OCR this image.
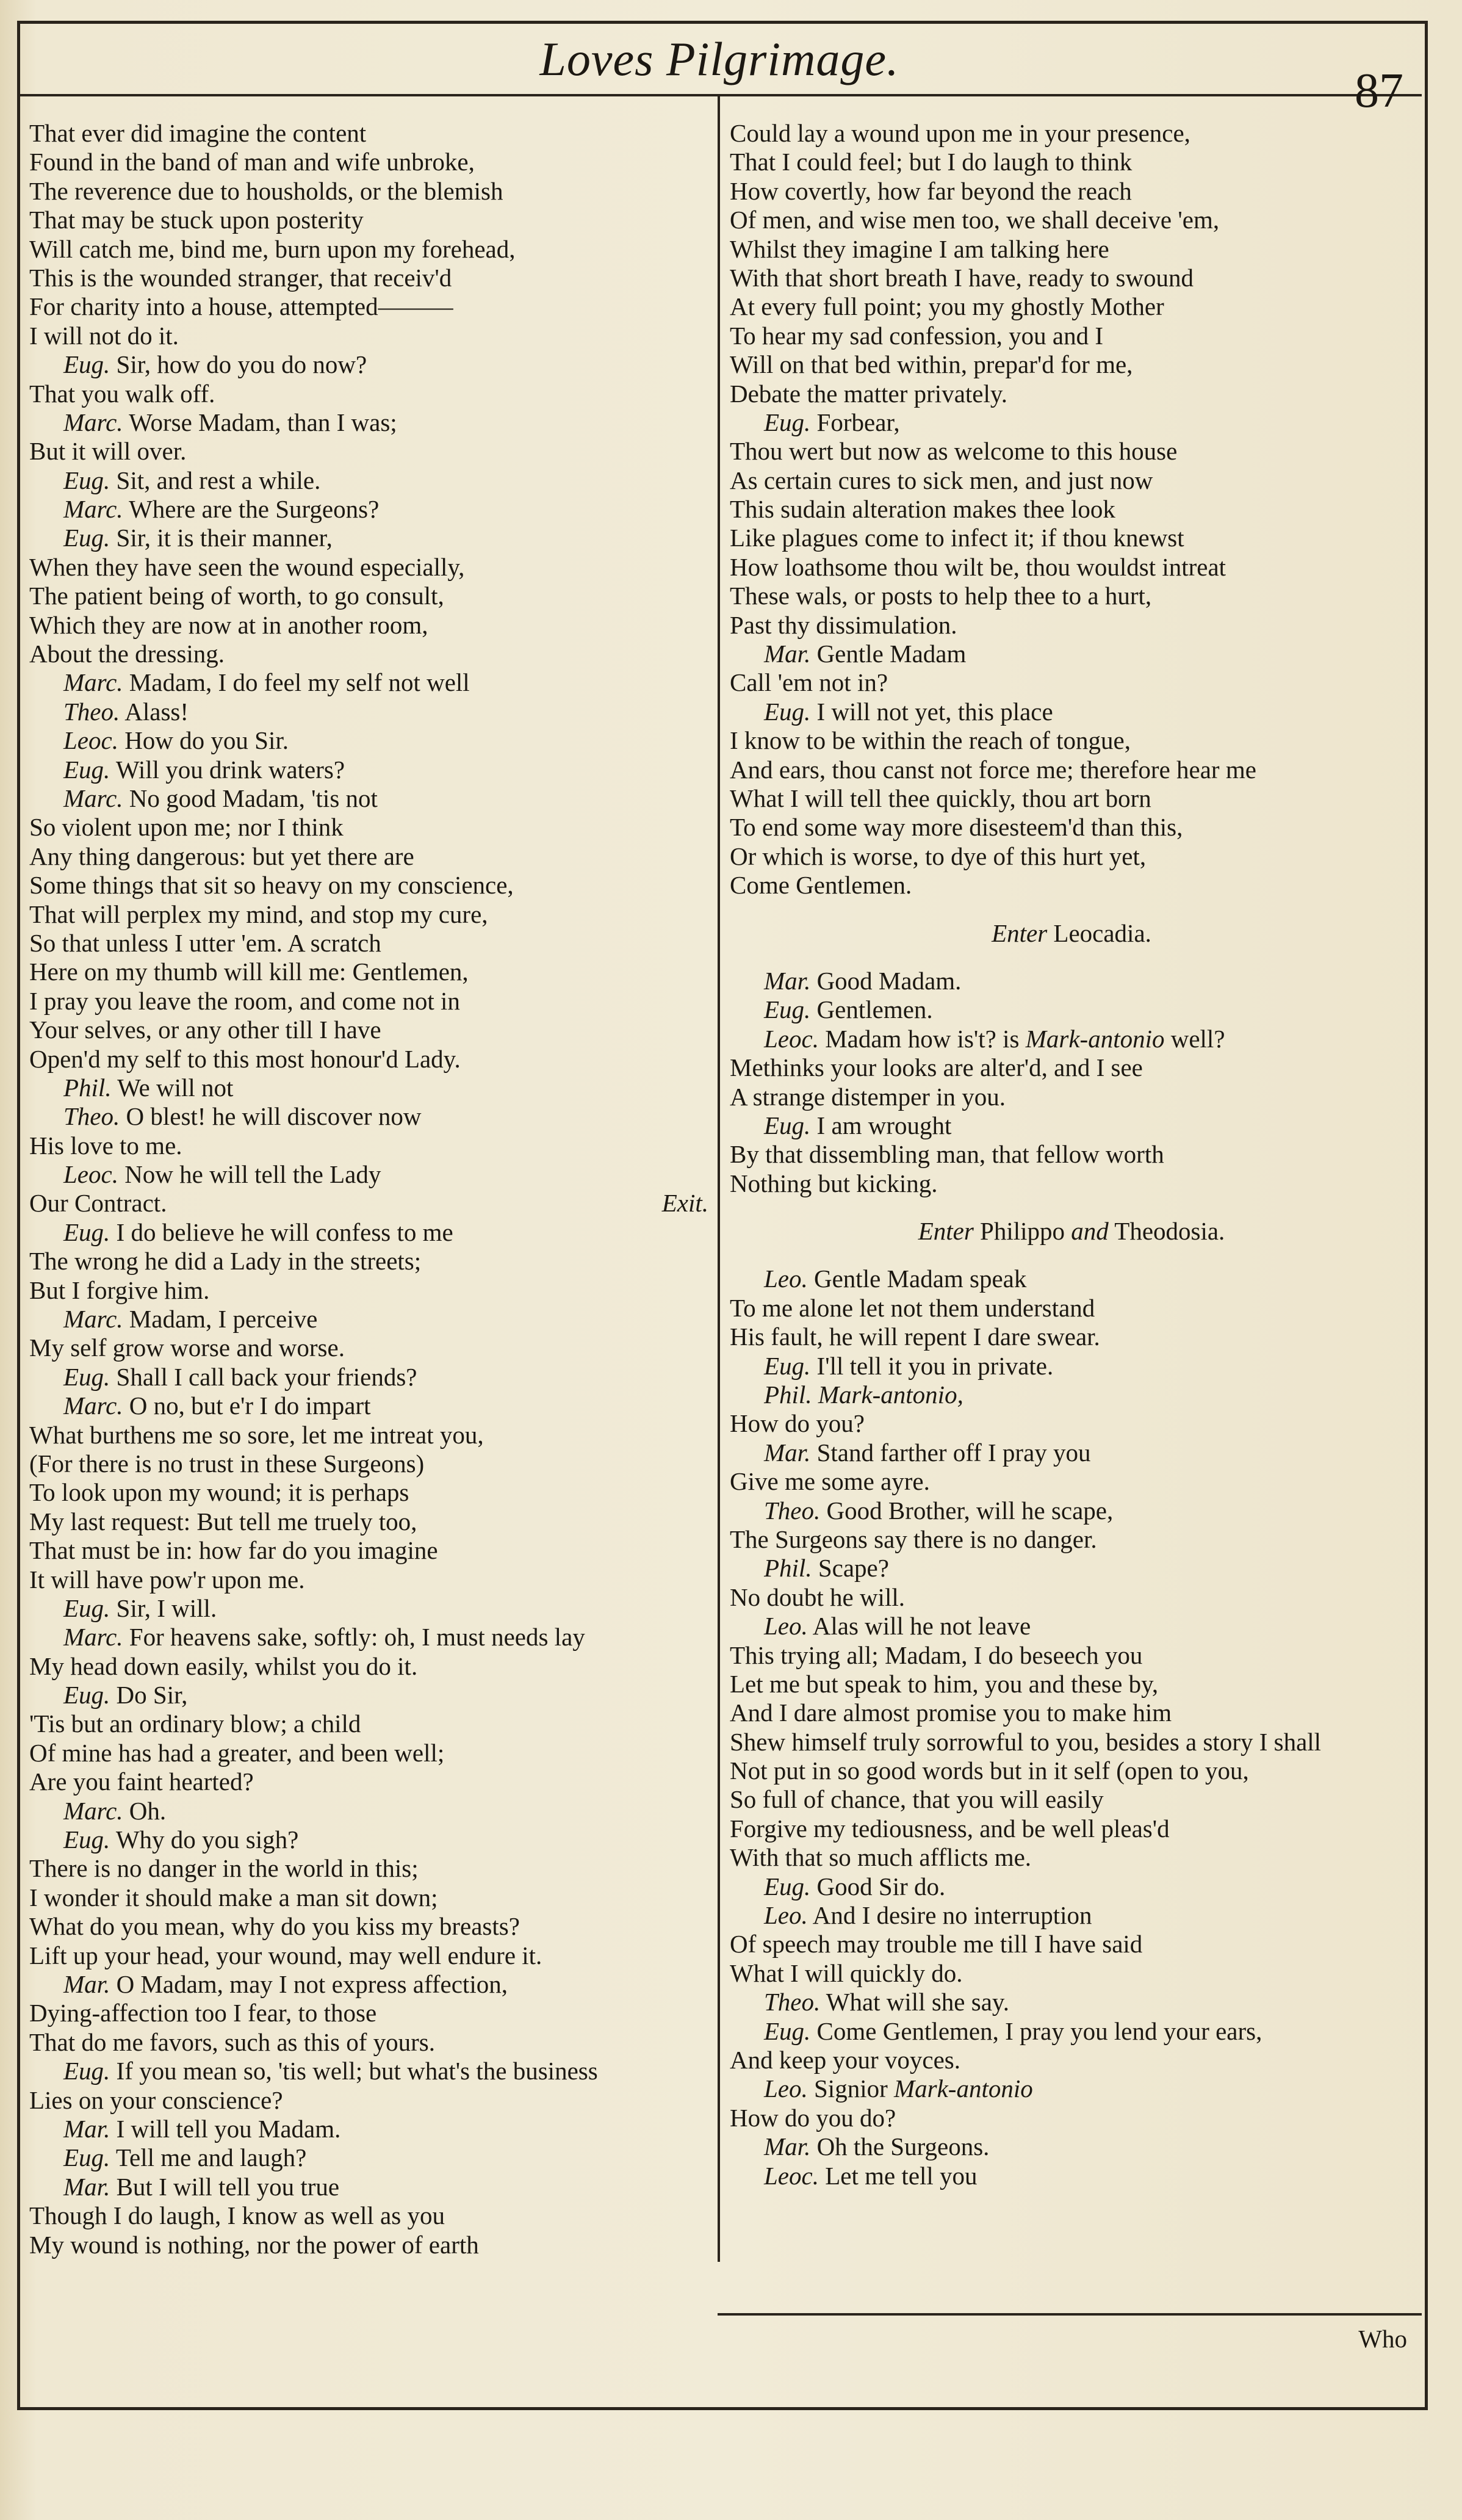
Loves Pilgrimage.
87
That ever did imagine the content
Found in the band of man and wife unbroke,
The reverence due to housholds, or the blemish
That may be stuck upon posterity
Will catch me, bind me, burn upon my forehead,
This is the wounded stranger, that receiv'd
For charity into a house, attempted———
I will not do it.
Eug. Sir, how do you do now?
That you walk off.
Marc. Worse Madam, than I was;
But it will over.
Eug. Sit, and rest a while.
Marc. Where are the Surgeons?
Eug. Sir, it is their manner,
When they have seen the wound especially,
The patient being of worth, to go consult,
Which they are now at in another room,
About the dressing.
Marc. Madam, I do feel my self not well
Theo. Alass!
Leoc. How do you Sir.
Eug. Will you drink waters?
Marc. No good Madam, 'tis not
So violent upon me; nor I think
Any thing dangerous: but yet there are
Some things that sit so heavy on my conscience,
That will perplex my mind, and stop my cure,
So that unless I utter 'em. A scratch
Here on my thumb will kill me: Gentlemen,
I pray you leave the room, and come not in
Your selves, or any other till I have
Open'd my self to this most honour'd Lady.
Phil. We will not
Theo. O blest! he will discover now
His love to me.
Leoc. Now he will tell the Lady
Our Contract.	Exit.
Eug. I do believe he will confess to me
The wrong he did a Lady in the streets;
But I forgive him.
Marc. Madam, I perceive
My self grow worse and worse.
Eug. Shall I call back your friends?
Marc. O no, but e'r I do impart
What burthens me so sore, let me intreat you,
(For there is no trust in these Surgeons)
To look upon my wound; it is perhaps
My last request: But tell me truely too,
That must be in: how far do you imagine
It will have pow'r upon me.
Eug. Sir, I will.
Marc. For heavens sake, softly: oh, I must needs lay
My head down easily, whilst you do it.
Eug. Do Sir,
'Tis but an ordinary blow; a child
Of mine has had a greater, and been well;
Are you faint hearted?
Marc. Oh.
Eug. Why do you sigh?
There is no danger in the world in this;
I wonder it should make a man sit down;
What do you mean, why do you kiss my breasts?
Lift up your head, your wound, may well endure it.
Mar. O Madam, may I not express affection,
Dying-affection too I fear, to those
That do me favors, such as this of yours.
Eug. If you mean so, 'tis well; but what's the business
Lies on your conscience?
Mar. I will tell you Madam.
Eug. Tell me and laugh?
Mar. But I will tell you true
Though I do laugh, I know as well as you
My wound is nothing, nor the power of earth
Could lay a wound upon me in your presence,
That I could feel; but I do laugh to think
How covertly, how far beyond the reach
Of men, and wise men too, we shall deceive 'em,
Whilst they imagine I am talking here
With that short breath I have, ready to swound
At every full point; you my ghostly Mother
To hear my sad confession, you and I
Will on that bed within, prepar'd for me,
Debate the matter privately.
Eug. Forbear,
Thou wert but now as welcome to this house
As certain cures to sick men, and just now
This sudain alteration makes thee look
Like plagues come to infect it; if thou knewst
How loathsome thou wilt be, thou wouldst intreat
These wals, or posts to help thee to a hurt,
Past thy dissimulation.
Mar. Gentle Madam
Call 'em not in?
Eug. I will not yet, this place
I know to be within the reach of tongue,
And ears, thou canst not force me; therefore hear me
What I will tell thee quickly, thou art born
To end some way more disesteem'd than this,
Or which is worse, to dye of this hurt yet,
Come Gentlemen.
Enter Leocadia.
Mar. Good Madam.
Eug. Gentlemen.
Leoc. Madam how is't? is Mark-antonio well?
Methinks your looks are alter'd, and I see
A strange distemper in you.
Eug. I am wrought
By that dissembling man, that fellow worth
Nothing but kicking.
Enter Philippo and Theodosia.
Leo. Gentle Madam speak
To me alone let not them understand
His fault, he will repent I dare swear.
Eug. I'll tell it you in private.
Phil. Mark-antonio,
How do you?
Mar. Stand farther off I pray you
Give me some ayre.
Theo. Good Brother, will he scape,
The Surgeons say there is no danger.
Phil. Scape?
No doubt he will.
Leo. Alas will he not leave
This trying all; Madam, I do beseech you
Let me but speak to him, you and these by,
And I dare almost promise you to make him
Shew himself truly sorrowful to you, besides a story I shall
Not put in so good words but in it self (open to you,
So full of chance, that you will easily
Forgive my tediousness, and be well pleas'd
With that so much afflicts me.
Eug. Good Sir do.
Leo. And I desire no interruption
Of speech may trouble me till I have said
What I will quickly do.
Theo. What will she say.
Eug. Come Gentlemen, I pray you lend your ears,
And keep your voyces.
Leo. Signior Mark-antonio
How do you do?
Mar. Oh the Surgeons.
Leoc. Let me tell you
Who
